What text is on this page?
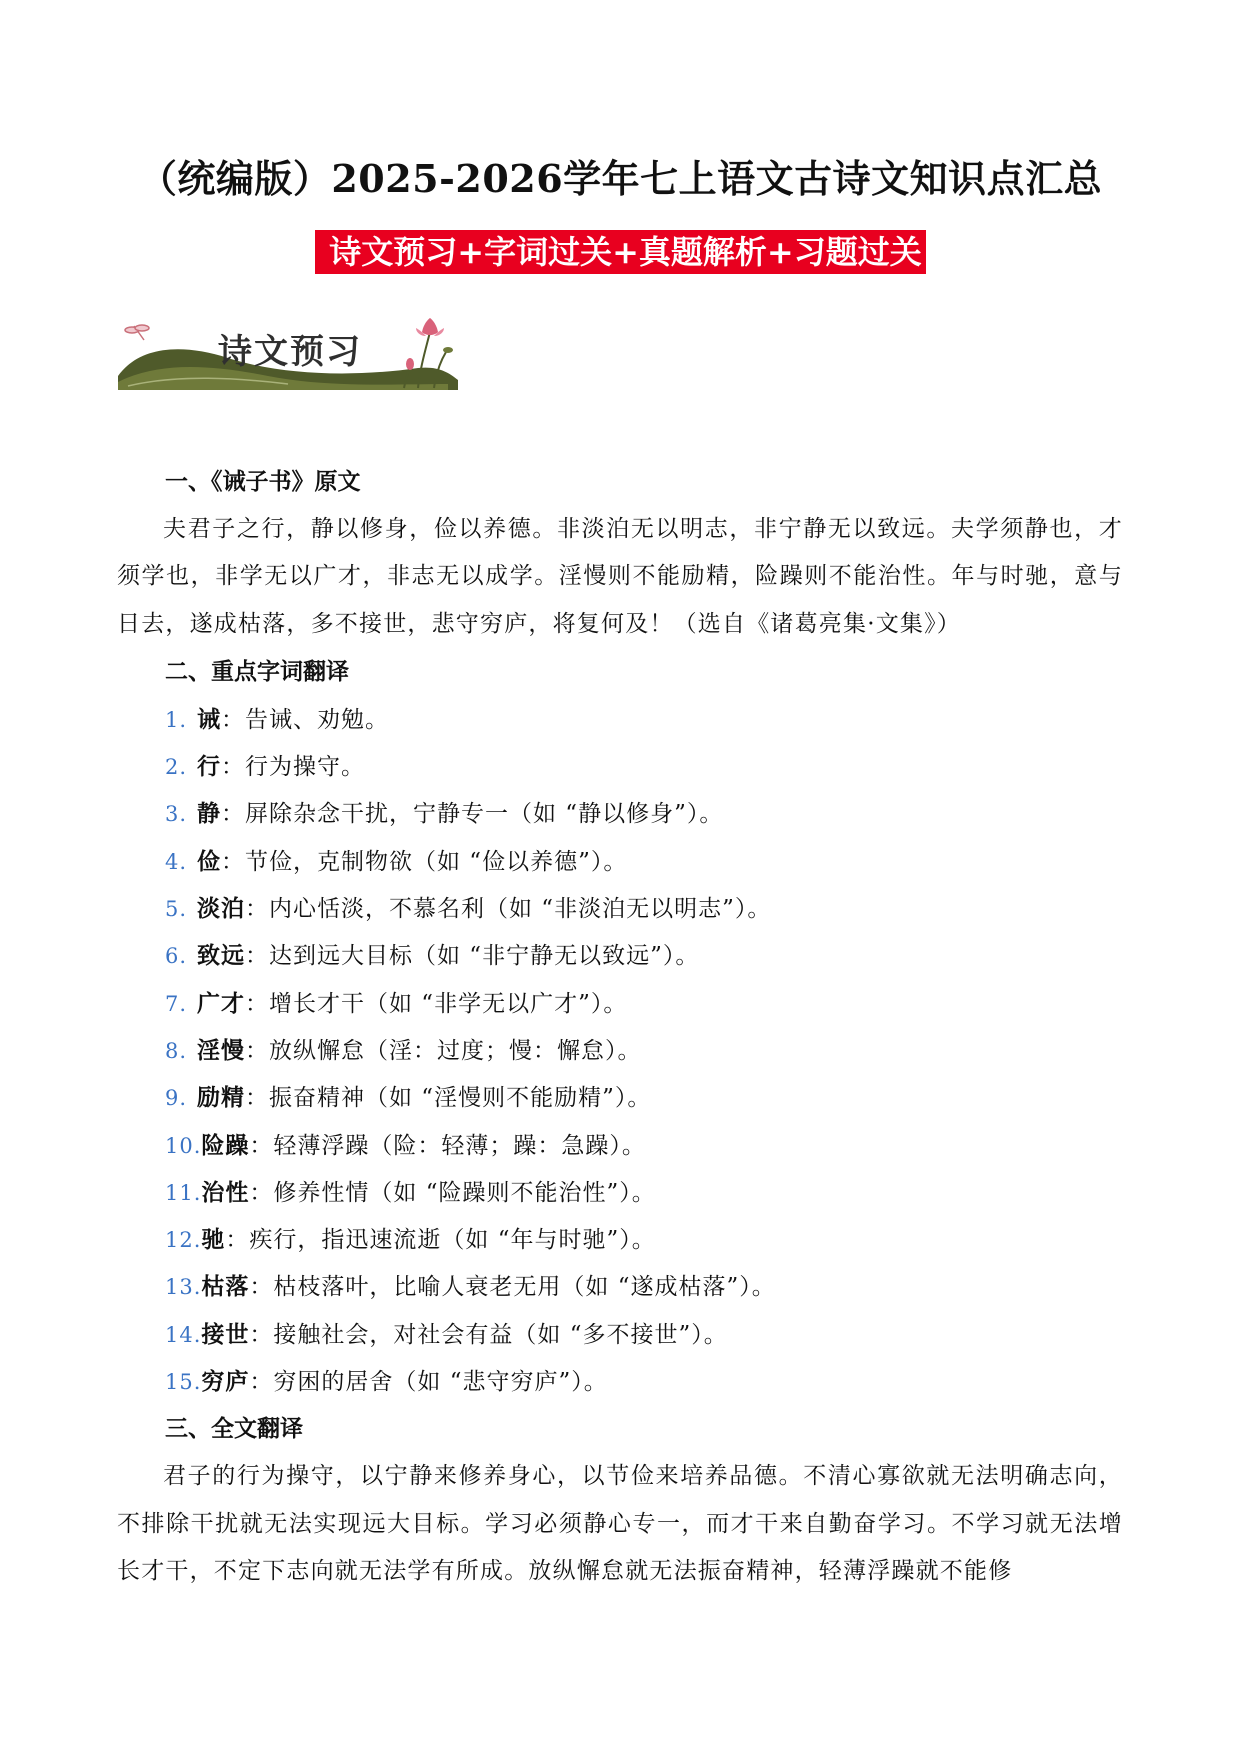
（统编版）2025-2026学年七上语文古诗文知识点汇总
诗文预习+字词过关+真题解析+习题过关
诗文预习
一、《诫子书》原文
夫君子之行，静以修身，俭以养德。非淡泊无以明志，非宁静无以致远。夫学须静也，才须学也，非学无以广才，非志无以成学。淫慢则不能励精，险躁则不能治性。年与时驰，意与日去，遂成枯落，多不接世，悲守穷庐，将复何及！（选自《诸葛亮集·文集》）
二、重点字词翻译
1. 诫：告诫、劝勉。
2. 行：行为操守。
3. 静：屏除杂念干扰，宁静专一（如 “静以修身”）。
4. 俭：节俭，克制物欲（如 “俭以养德”）。
5. 淡泊：内心恬淡，不慕名利（如 “非淡泊无以明志”）。
6. 致远：达到远大目标（如 “非宁静无以致远”）。
7. 广才：增长才干（如 “非学无以广才”）。
8. 淫慢：放纵懈怠（淫：过度；慢：懈怠）。
9. 励精：振奋精神（如 “淫慢则不能励精”）。
10.险躁：轻薄浮躁（险：轻薄；躁：急躁）。
11.治性：修养性情（如 “险躁则不能治性”）。
12.驰：疾行，指迅速流逝（如 “年与时驰”）。
13.枯落：枯枝落叶，比喻人衰老无用（如 “遂成枯落”）。
14.接世：接触社会，对社会有益（如 “多不接世”）。
15.穷庐：穷困的居舍（如 “悲守穷庐”）。
三、全文翻译
君子的行为操守，以宁静来修养身心，以节俭来培养品德。不清心寡欲就无法明确志向，不排除干扰就无法实现远大目标。学习必须静心专一，而才干来自勤奋学习。不学习就无法增长才干，不定下志向就无法学有所成。放纵懈怠就无法振奋精神，轻薄浮躁就不能修
